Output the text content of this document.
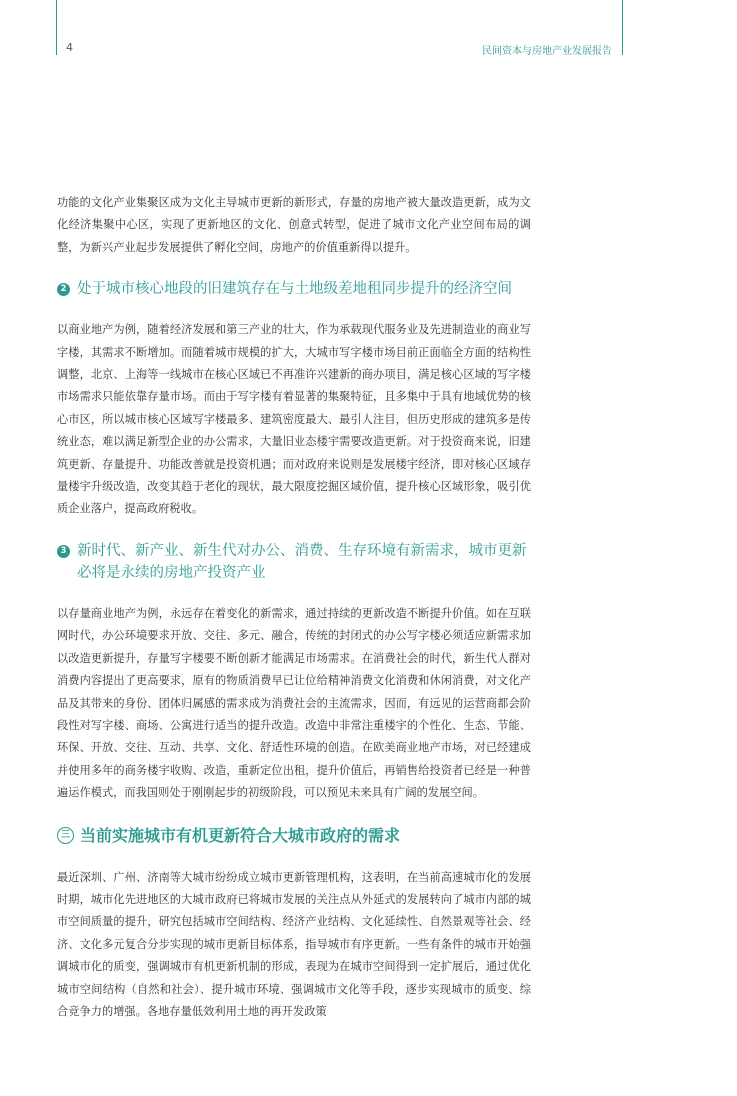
4	民间资本与房地产业发展报告

功能的文化产业集聚区成为文化主导城市更新的新形式，存量的房地产被大量改造更新，成为文化经济集聚中心区，实现了更新地区的文化、创意式转型，促进了城市文化产业空间布局的调整，为新兴产业起步发展提供了孵化空间，房地产的价值重新得以提升。

2 处于城市核心地段的旧建筑存在与土地级差地租同步提升的经济空间

以商业地产为例，随着经济发展和第三产业的壮大，作为承载现代服务业及先进制造业的商业写字楼，其需求不断增加。而随着城市规模的扩大，大城市写字楼市场目前正面临全方面的结构性调整，北京、上海等一线城市在核心区域已不再准许兴建新的商办项目，满足核心区域的写字楼市场需求只能依靠存量市场。而由于写字楼有着显著的集聚特征，且多集中于具有地域优势的核心市区，所以城市核心区域写字楼最多、建筑密度最大、最引人注目，但历史形成的建筑多是传统业态，难以满足新型企业的办公需求，大量旧业态楼宇需要改造更新。对于投资商来说，旧建筑更新、存量提升、功能改善就是投资机遇；而对政府来说则是发展楼宇经济，即对核心区域存量楼宇升级改造，改变其趋于老化的现状，最大限度挖掘区域价值，提升核心区域形象，吸引优质企业落户，提高政府税收。

3 新时代、新产业、新生代对办公、消费、生存环境有新需求，城市更新必将是永续的房地产投资产业

以存量商业地产为例，永远存在着变化的新需求，通过持续的更新改造不断提升价值。如在互联网时代，办公环境要求开放、交往、多元、融合，传统的封闭式的办公写字楼必须适应新需求加以改造更新提升，存量写字楼要不断创新才能满足市场需求。在消费社会的时代，新生代人群对消费内容提出了更高要求，原有的物质消费早已让位给精神消费文化消费和休闲消费，对文化产品及其带来的身份、团体归属感的需求成为消费社会的主流需求，因而，有远见的运营商都会阶段性对写字楼、商场、公寓进行适当的提升改造。改造中非常注重楼宇的个性化、生态、节能、环保、开放、交往、互动、共享、文化、舒适性环境的创造。在欧美商业地产市场，对已经建成并使用多年的商务楼宇收购、改造，重新定位出租，提升价值后，再销售给投资者已经是一种普遍运作模式，而我国则处于刚刚起步的初级阶段，可以预见未来具有广阔的发展空间。

三 当前实施城市有机更新符合大城市政府的需求

最近深圳、广州、济南等大城市纷纷成立城市更新管理机构，这表明，在当前高速城市化的发展时期，城市化先进地区的大城市政府已将城市发展的关注点从外延式的发展转向了城市内部的城市空间质量的提升，研究包括城市空间结构、经济产业结构、文化延续性、自然景观等社会、经济、文化多元复合分步实现的城市更新目标体系，指导城市有序更新。一些有条件的城市开始强调城市化的质变，强调城市有机更新机制的形成，表现为在城市空间得到一定扩展后，通过优化城市空间结构（自然和社会）、提升城市环境、强调城市文化等手段，逐步实现城市的质变、综合竞争力的增强。各地存量低效利用土地的再开发政策
